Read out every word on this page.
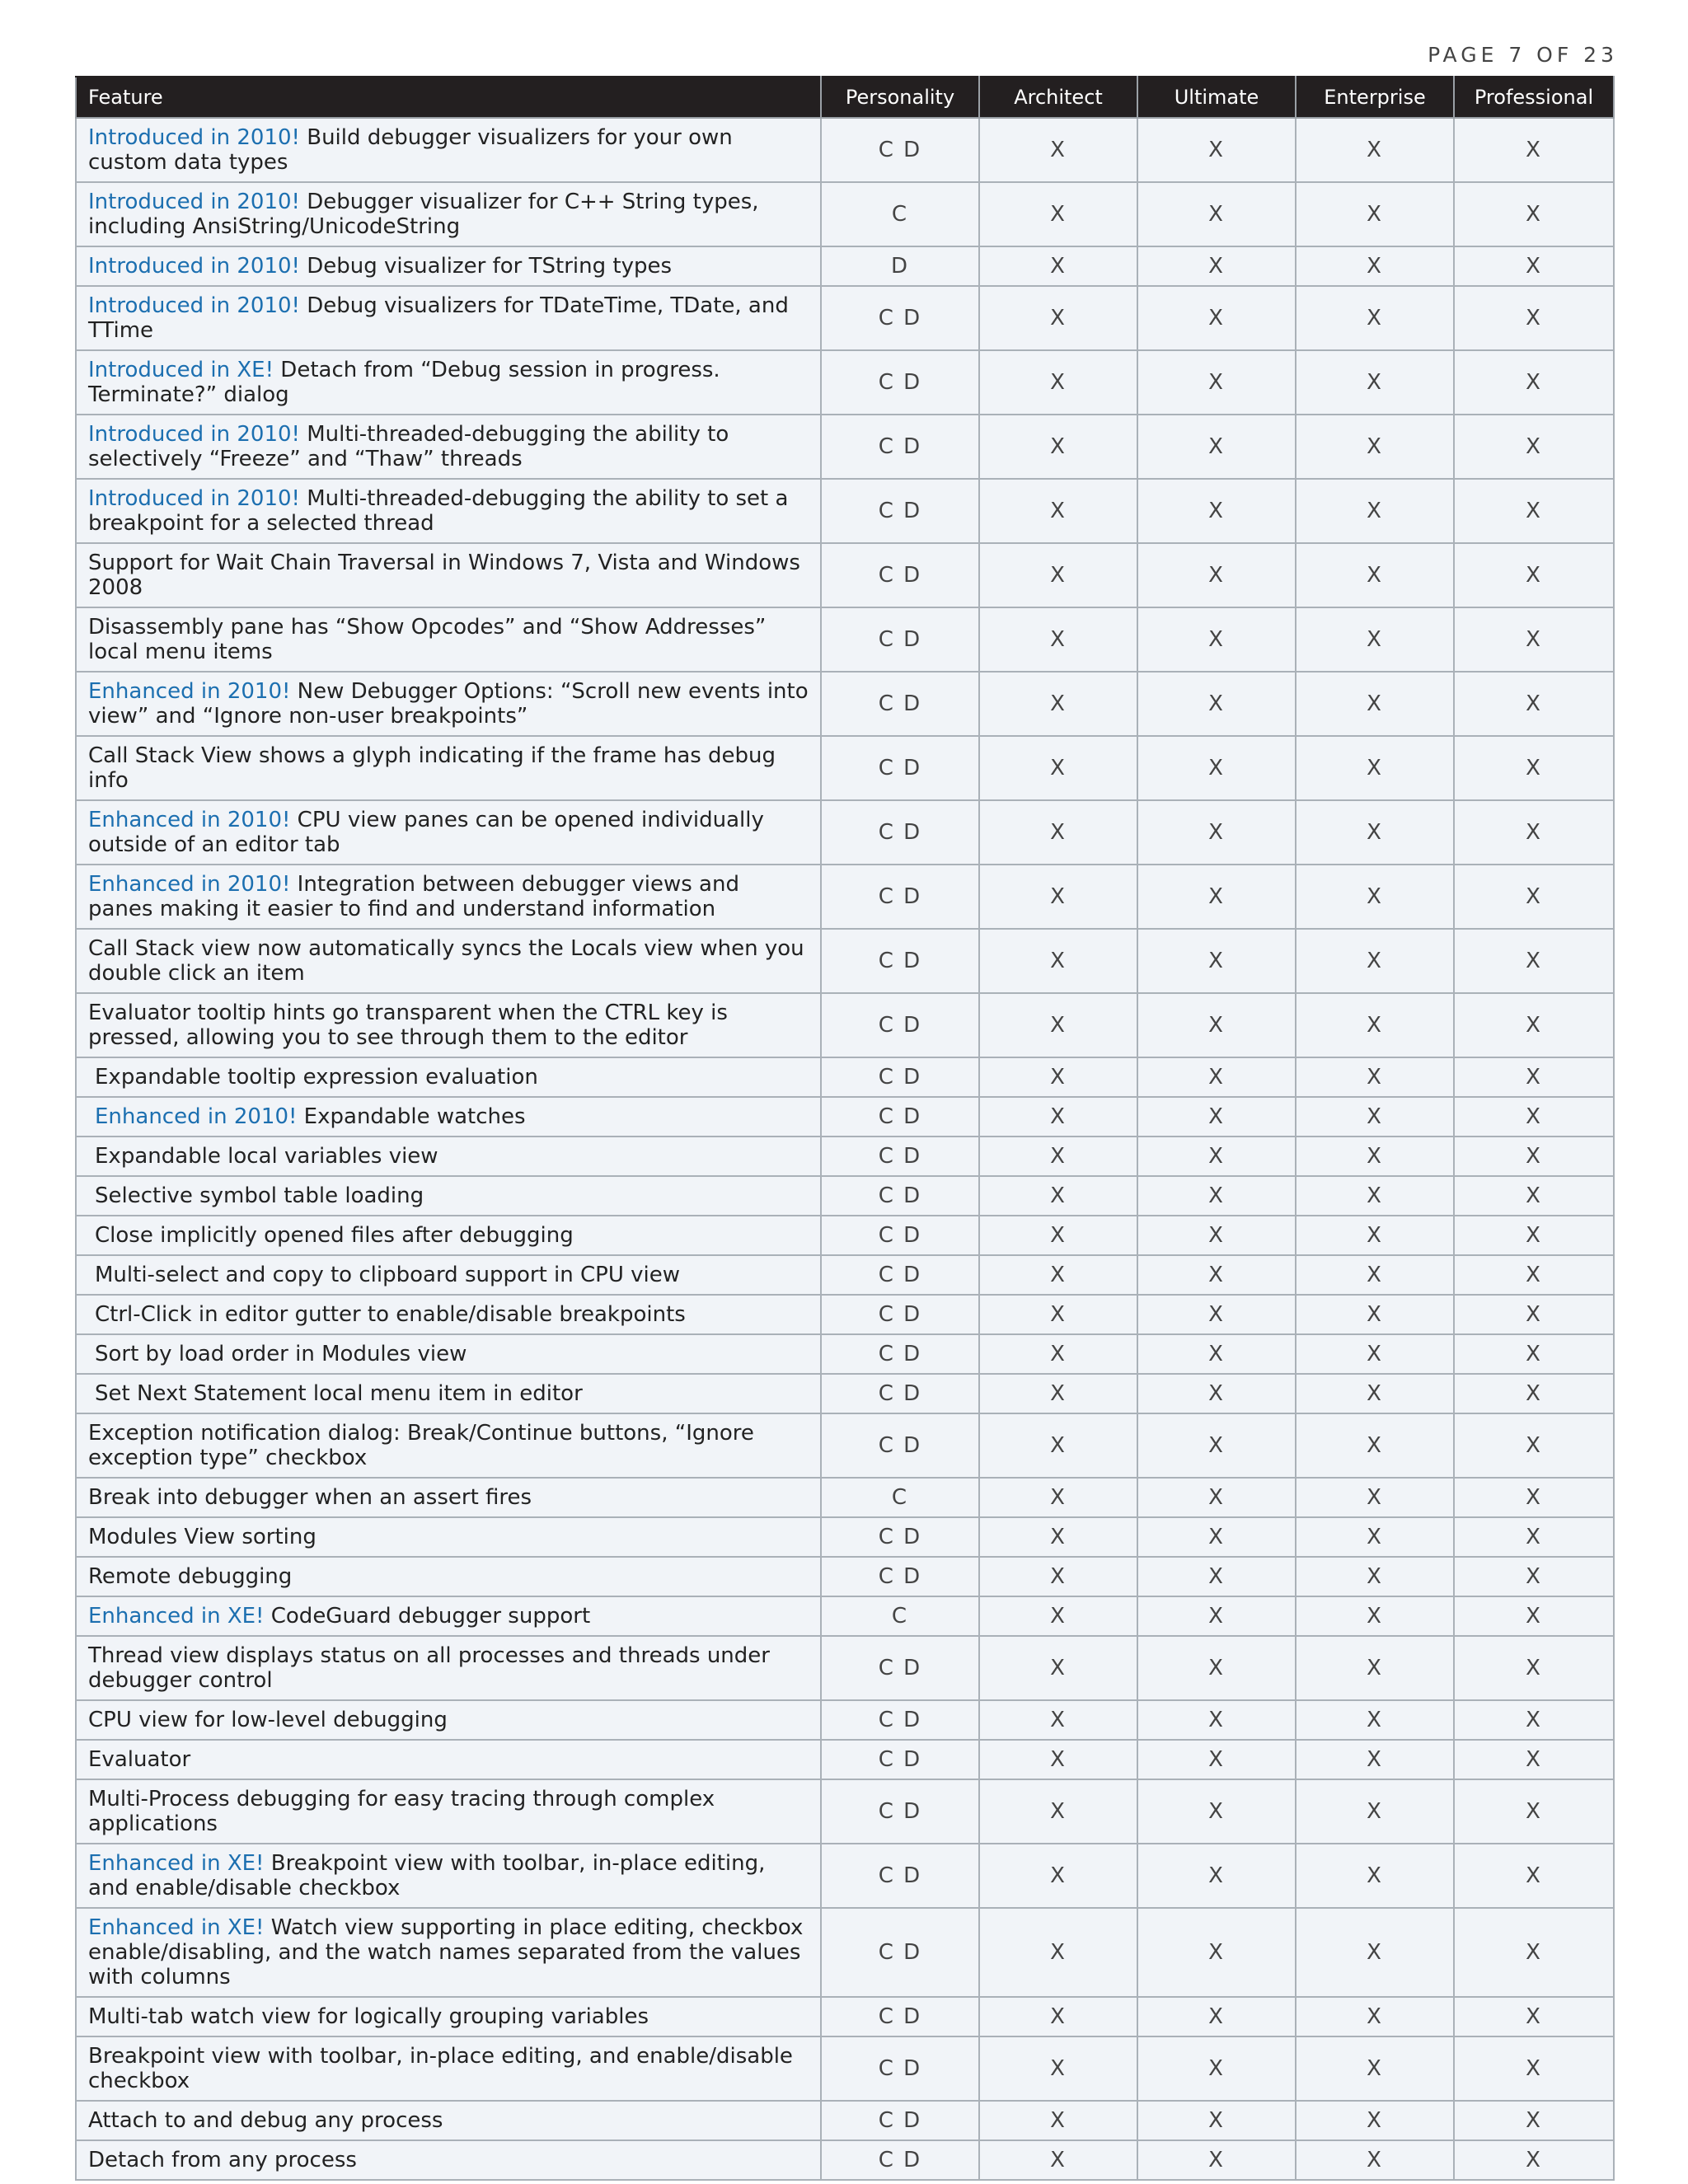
PAGE 7 OF 23
Feature	Personality	Architect	Ultimate	Enterprise	Professional
Introduced in 2010! Build debugger visualizers for your own custom data types	C D	X	X	X	X
Introduced in 2010! Debugger visualizer for C++ String types, including AnsiString/UnicodeString	C	X	X	X	X
Introduced in 2010! Debug visualizer for TString types	D	X	X	X	X
Introduced in 2010! Debug visualizers for TDateTime, TDate, and TTime	C D	X	X	X	X
Introduced in XE! Detach from “Debug session in progress. Terminate?” dialog	C D	X	X	X	X
Introduced in 2010! Multi-threaded-debugging the ability to selectively “Freeze” and “Thaw” threads	C D	X	X	X	X
Introduced in 2010! Multi-threaded-debugging the ability to set a breakpoint for a selected thread	C D	X	X	X	X
Support for Wait Chain Traversal in Windows 7, Vista and Windows 2008	C D	X	X	X	X
Disassembly pane has “Show Opcodes” and “Show Addresses” local menu items	C D	X	X	X	X
Enhanced in 2010! New Debugger Options: “Scroll new events into view” and “Ignore non-user breakpoints”	C D	X	X	X	X
Call Stack View shows a glyph indicating if the frame has debug info	C D	X	X	X	X
Enhanced in 2010! CPU view panes can be opened individually outside of an editor tab	C D	X	X	X	X
Enhanced in 2010! Integration between debugger views and panes making it easier to find and understand information	C D	X	X	X	X
Call Stack view now automatically syncs the Locals view when you double click an item	C D	X	X	X	X
Evaluator tooltip hints go transparent when the CTRL key is pressed, allowing you to see through them to the editor	C D	X	X	X	X
Expandable tooltip expression evaluation	C D	X	X	X	X
Enhanced in 2010! Expandable watches	C D	X	X	X	X
Expandable local variables view	C D	X	X	X	X
Selective symbol table loading	C D	X	X	X	X
Close implicitly opened files after debugging	C D	X	X	X	X
Multi-select and copy to clipboard support in CPU view	C D	X	X	X	X
Ctrl-Click in editor gutter to enable/disable breakpoints	C D	X	X	X	X
Sort by load order in Modules view	C D	X	X	X	X
Set Next Statement local menu item in editor	C D	X	X	X	X
Exception notification dialog: Break/Continue buttons, “Ignore exception type” checkbox	C D	X	X	X	X
Break into debugger when an assert fires	C	X	X	X	X
Modules View sorting	C D	X	X	X	X
Remote debugging	C D	X	X	X	X
Enhanced in XE! CodeGuard debugger support	C	X	X	X	X
Thread view displays status on all processes and threads under debugger control	C D	X	X	X	X
CPU view for low-level debugging	C D	X	X	X	X
Evaluator	C D	X	X	X	X
Multi-Process debugging for easy tracing through complex applications	C D	X	X	X	X
Enhanced in XE! Breakpoint view with toolbar, in-place editing, and enable/disable checkbox	C D	X	X	X	X
Enhanced in XE! Watch view supporting in place editing, checkbox enable/disabling, and the watch names separated from the values with columns	C D	X	X	X	X
Multi-tab watch view for logically grouping variables	C D	X	X	X	X
Breakpoint view with toolbar, in-place editing, and enable/disable checkbox	C D	X	X	X	X
Attach to and debug any process	C D	X	X	X	X
Detach from any process	C D	X	X	X	X
